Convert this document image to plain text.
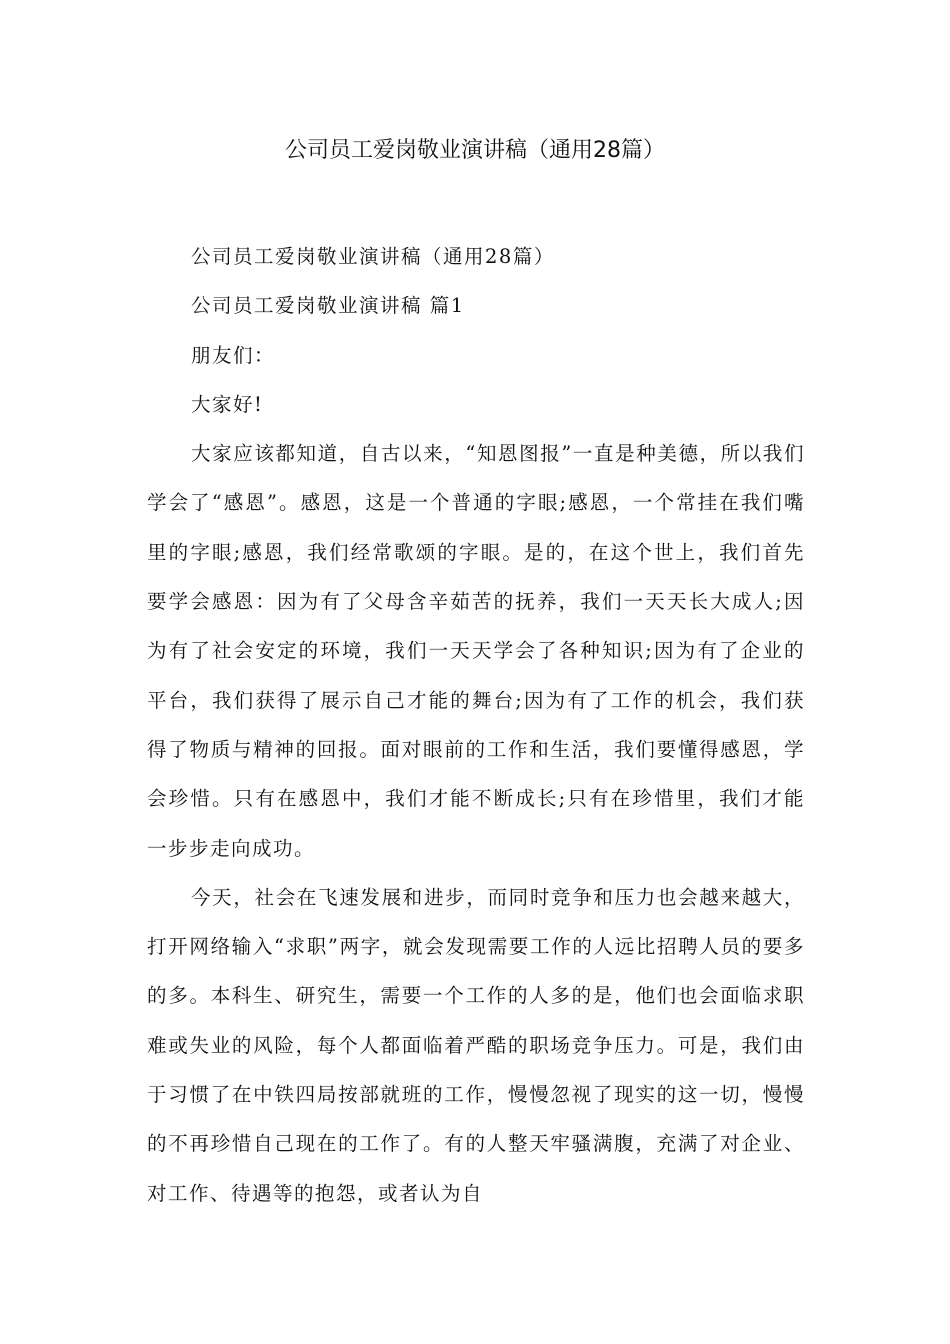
公司员工爱岗敬业演讲稿（通用28篇）

公司员工爱岗敬业演讲稿（通用28篇）

公司员工爱岗敬业演讲稿 篇1

朋友们：

大家好!

大家应该都知道，自古以来，“知恩图报”一直是种美德，所以我们学会了“感恩”。感恩，这是一个普通的字眼;感恩，一个常挂在我们嘴里的字眼;感恩，我们经常歌颂的字眼。是的，在这个世上，我们首先要学会感恩：因为有了父母含辛茹苦的抚养，我们一天天长大成人;因为有了社会安定的环境，我们一天天学会了各种知识;因为有了企业的平台，我们获得了展示自己才能的舞台;因为有了工作的机会，我们获得了物质与精神的回报。面对眼前的工作和生活，我们要懂得感恩，学会珍惜。只有在感恩中，我们才能不断成长;只有在珍惜里，我们才能一步步走向成功。

今天，社会在飞速发展和进步，而同时竞争和压力也会越来越大，打开网络输入“求职”两字，就会发现需要工作的人远比招聘人员的要多的多。本科生、研究生，需要一个工作的人多的是，他们也会面临求职难或失业的风险，每个人都面临着严酷的职场竞争压力。可是，我们由于习惯了在中铁四局按部就班的工作，慢慢忽视了现实的这一切，慢慢的不再珍惜自己现在的工作了。有的人整天牢骚满腹，充满了对企业、对工作、待遇等的抱怨，或者认为自
